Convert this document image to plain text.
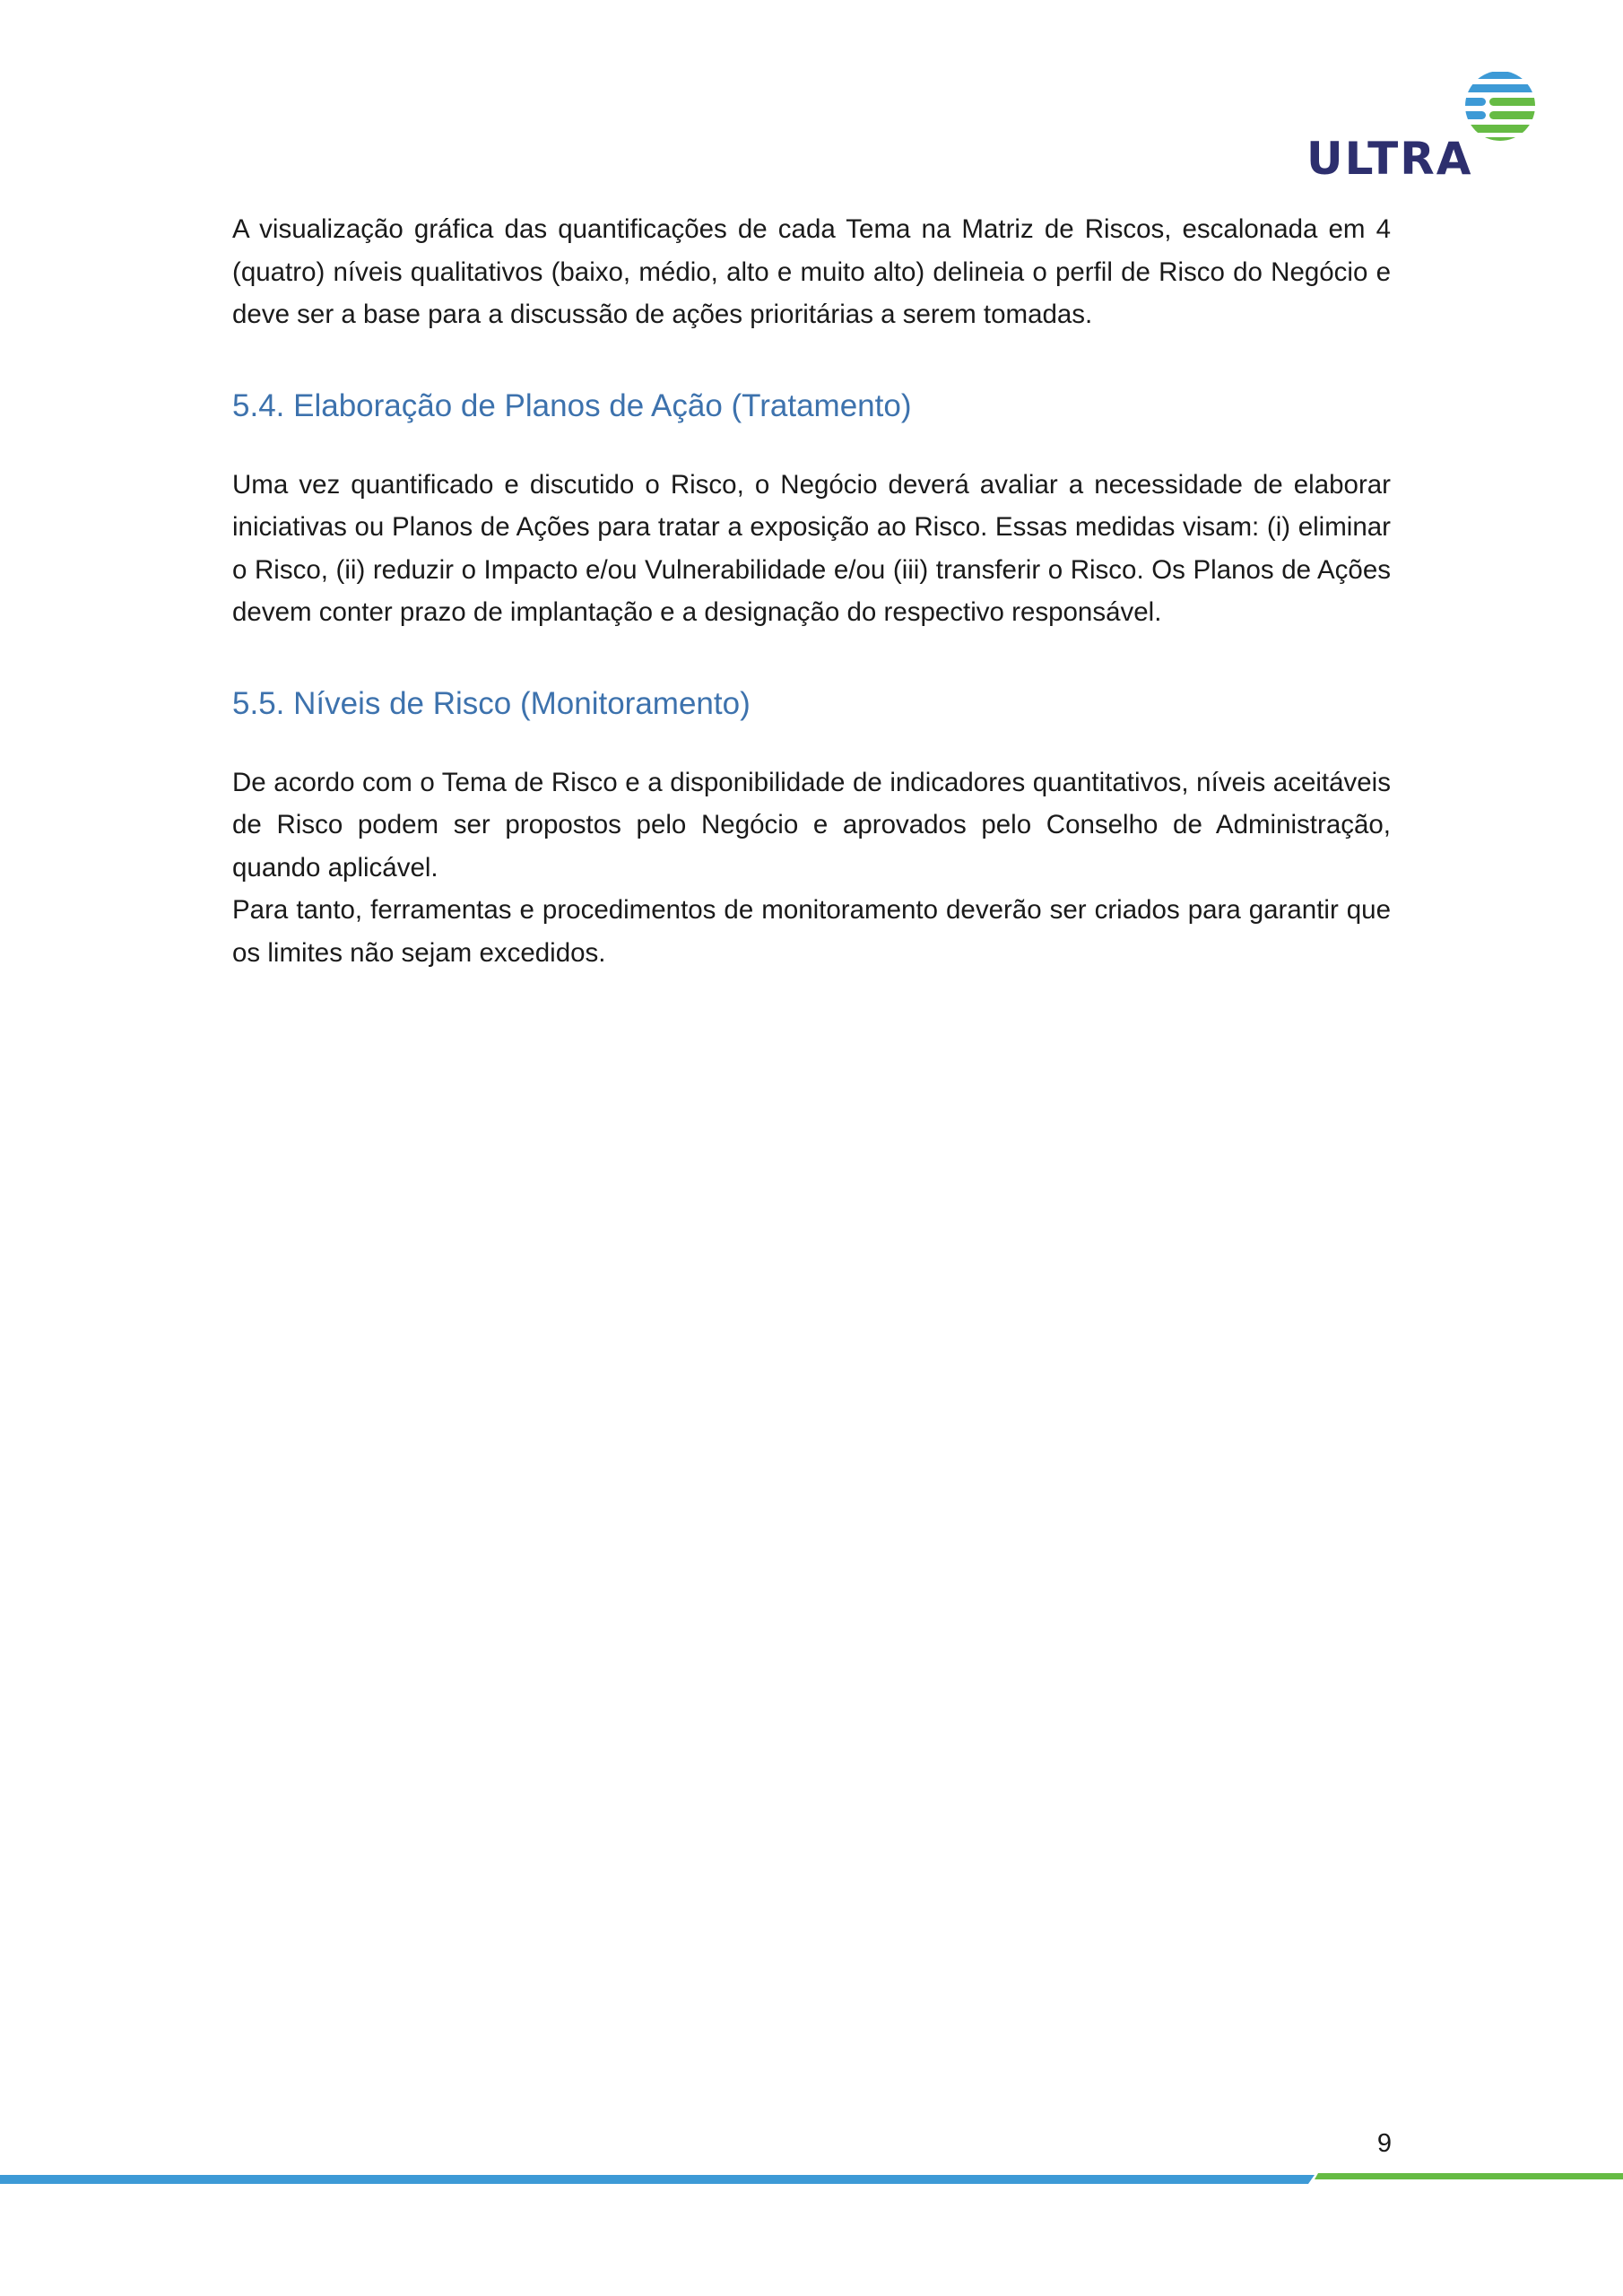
ULTRA

A visualização gráfica das quantificações de cada Tema na Matriz de Riscos, escalonada em 4 (quatro) níveis qualitativos (baixo, médio, alto e muito alto) delineia o perfil de Risco do Negócio e deve ser a base para a discussão de ações prioritárias a serem tomadas.

5.4. Elaboração de Planos de Ação (Tratamento)

Uma vez quantificado e discutido o Risco, o Negócio deverá avaliar a necessidade de elaborar iniciativas ou Planos de Ações para tratar a exposição ao Risco. Essas medidas visam: (i) eliminar o Risco, (ii) reduzir o Impacto e/ou Vulnerabilidade e/ou (iii) transferir o Risco. Os Planos de Ações devem conter prazo de implantação e a designação do respectivo responsável.

5.5. Níveis de Risco (Monitoramento)

De acordo com o Tema de Risco e a disponibilidade de indicadores quantitativos, níveis aceitáveis de Risco podem ser propostos pelo Negócio e aprovados pelo Conselho de Administração, quando aplicável.
Para tanto, ferramentas e procedimentos de monitoramento deverão ser criados para garantir que os limites não sejam excedidos.

9
